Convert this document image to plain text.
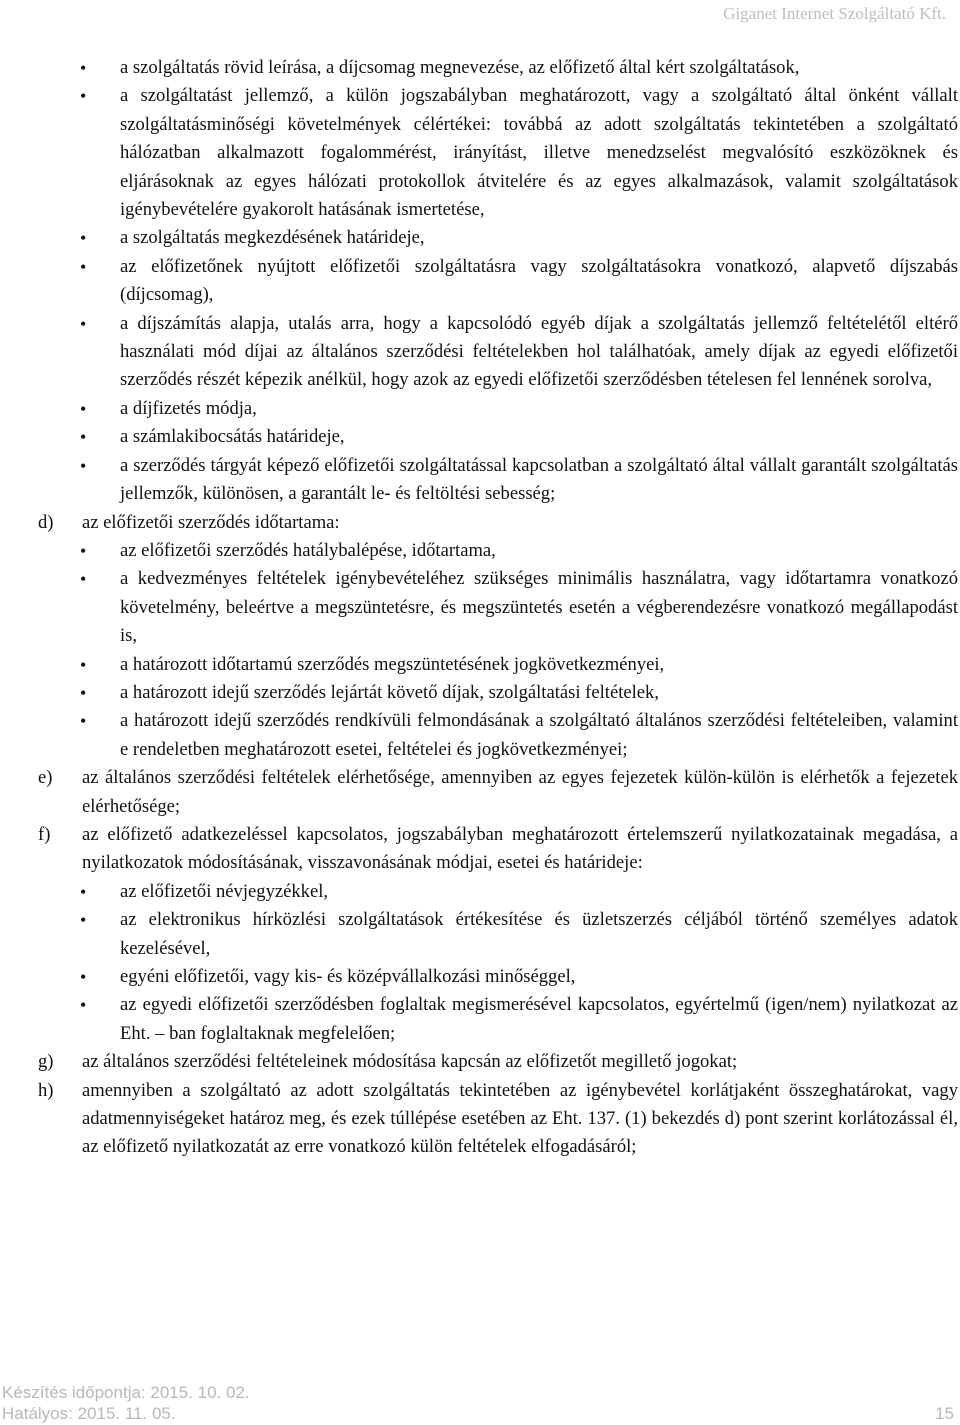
Giganet Internet Szolgáltató Kft.
• a szolgáltatás rövid leírása, a díjcsomag megnevezése, az előfizető által kért szolgáltatások,
• a szolgáltatást jellemző, a külön jogszabályban meghatározott, vagy a szolgáltató által önként vállalt szolgáltatásminőségi követelmények célértékei: továbbá az adott szolgáltatás tekintetében a szolgáltató hálózatban alkalmazott fogalommérést, irányítást, illetve menedzselést megvalósító eszközöknek és eljárásoknak az egyes hálózati protokollok átvitelére és az egyes alkalmazások, valamit szolgáltatások igénybevételére gyakorolt hatásának ismertetése,
• a szolgáltatás megkezdésének határideje,
• az előfizetőnek nyújtott előfizetői szolgáltatásra vagy szolgáltatásokra vonatkozó, alapvető díjszabás (díjcsomag),
• a díjszámítás alapja, utalás arra, hogy a kapcsolódó egyéb díjak a szolgáltatás jellemző feltételétől eltérő használati mód díjai az általános szerződési feltételekben hol találhatóak, amely díjak az egyedi előfizetői szerződés részét képezik anélkül, hogy azok az egyedi előfizetői szerződésben tételesen fel lennének sorolva,
• a díjfizetés módja,
• a számlakibocsátás határideje,
• a szerződés tárgyát képező előfizetői szolgáltatással kapcsolatban a szolgáltató által vállalt garantált szolgáltatás jellemzők, különösen, a garantált le- és feltöltési sebesség;
d) az előfizetői szerződés időtartama:
• az előfizetői szerződés hatálybalépése, időtartama,
• a kedvezményes feltételek igénybevételéhez szükséges minimális használatra, vagy időtartamra vonatkozó követelmény, beleértve a megszüntetésre, és megszüntetés esetén a végberendezésre vonatkozó megállapodást is,
• a határozott időtartamú szerződés megszüntetésének jogkövetkezményei,
• a határozott idejű szerződés lejártát követő díjak, szolgáltatási feltételek,
• a határozott idejű szerződés rendkívüli felmondásának a szolgáltató általános szerződési feltételeiben, valamint e rendeletben meghatározott esetei, feltételei és jogkövetkezményei;
e) az általános szerződési feltételek elérhetősége, amennyiben az egyes fejezetek külön-külön is elérhetők a fejezetek elérhetősége;
f) az előfizető adatkezeléssel kapcsolatos, jogszabályban meghatározott értelemszerű nyilatkozatainak megadása, a nyilatkozatok módosításának, visszavonásának módjai, esetei és határideje:
• az előfizetői névjegyzékkel,
• az elektronikus hírközlési szolgáltatások értékesítése és üzletszerzés céljából történő személyes adatok kezelésével,
• egyéni előfizetői, vagy kis- és középvállalkozási minőséggel,
• az egyedi előfizetői szerződésben foglaltak megismerésével kapcsolatos, egyértelmű (igen/nem) nyilatkozat az Eht. – ban foglaltaknak megfelelően;
g) az általános szerződési feltételeinek módosítása kapcsán az előfizetőt megillető jogokat;
h) amennyiben a szolgáltató az adott szolgáltatás tekintetében az igénybevétel korlátjaként összeghatárokat, vagy adatmennyiségeket határoz meg, és ezek túllépése esetében az Eht. 137. (1) bekezdés d) pont szerint korlátozással él, az előfizető nyilatkozatát az erre vonatkozó külön feltételek elfogadásáról;
Készítés időpontja: 2015. 10. 02.
Hatályos: 2015. 11. 05.	15
